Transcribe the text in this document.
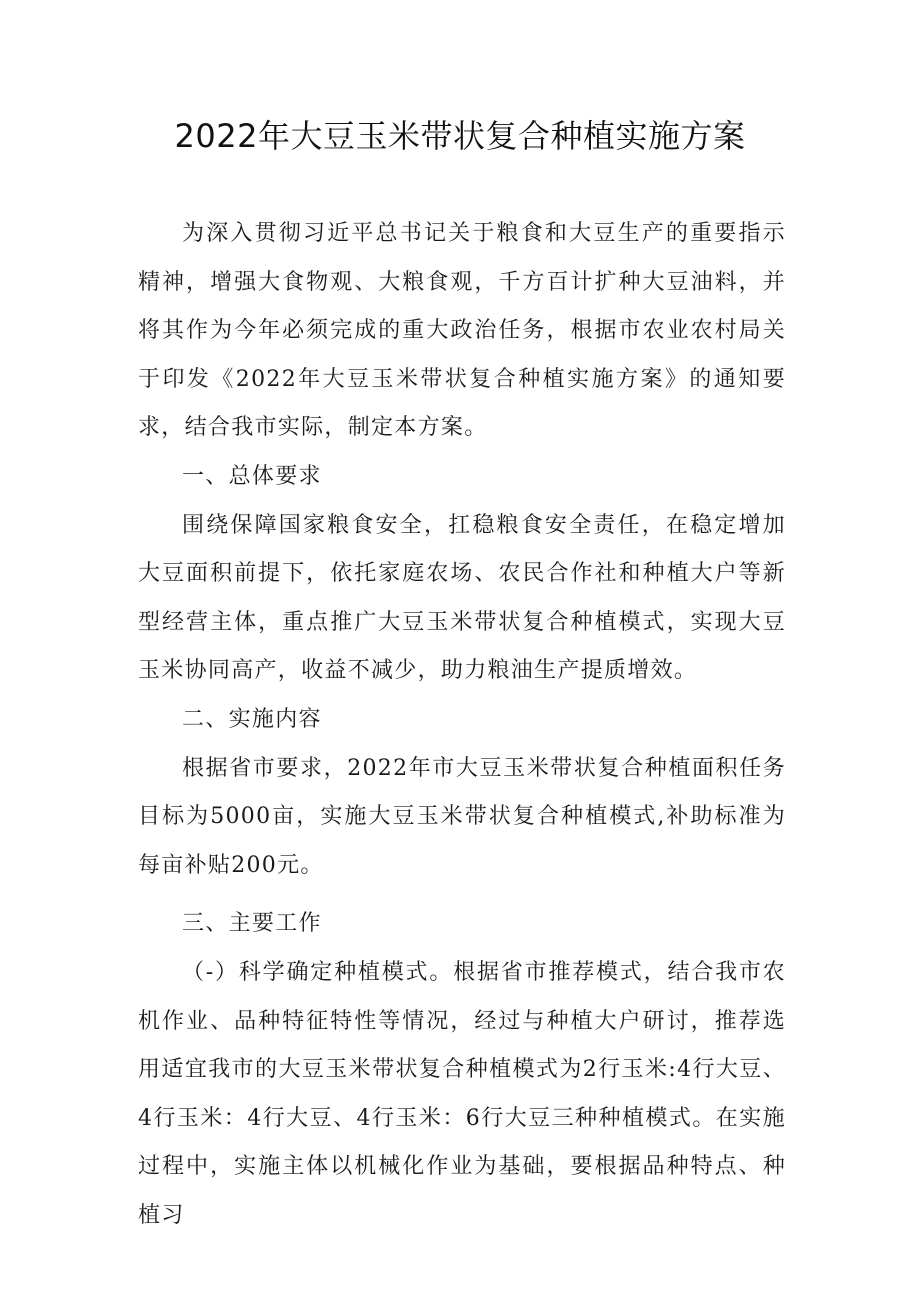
2022年大豆玉米带状复合种植实施方案

为深入贯彻习近平总书记关于粮食和大豆生产的重要指示精神，增强大食物观、大粮食观，千方百计扩种大豆油料，并将其作为今年必须完成的重大政治任务，根据市农业农村局关于印发《2022年大豆玉米带状复合种植实施方案》的通知要求，结合我市实际，制定本方案。

一、总体要求

围绕保障国家粮食安全，扛稳粮食安全责任，在稳定增加大豆面积前提下，依托家庭农场、农民合作社和种植大户等新型经营主体，重点推广大豆玉米带状复合种植模式，实现大豆玉米协同高产，收益不减少，助力粮油生产提质增效。

二、实施内容

根据省市要求，2022年市大豆玉米带状复合种植面积任务目标为5000亩，实施大豆玉米带状复合种植模式,补助标准为每亩补贴200元。

三、主要工作

（-）科学确定种植模式。根据省市推荐模式，结合我市农机作业、品种特征特性等情况，经过与种植大户研讨，推荐选用适宜我市的大豆玉米带状复合种植模式为2行玉米:4行大豆、4行玉米：4行大豆、4行玉米：6行大豆三种种植模式。在实施过程中，实施主体以机械化作业为基础，要根据品种特点、种植习
